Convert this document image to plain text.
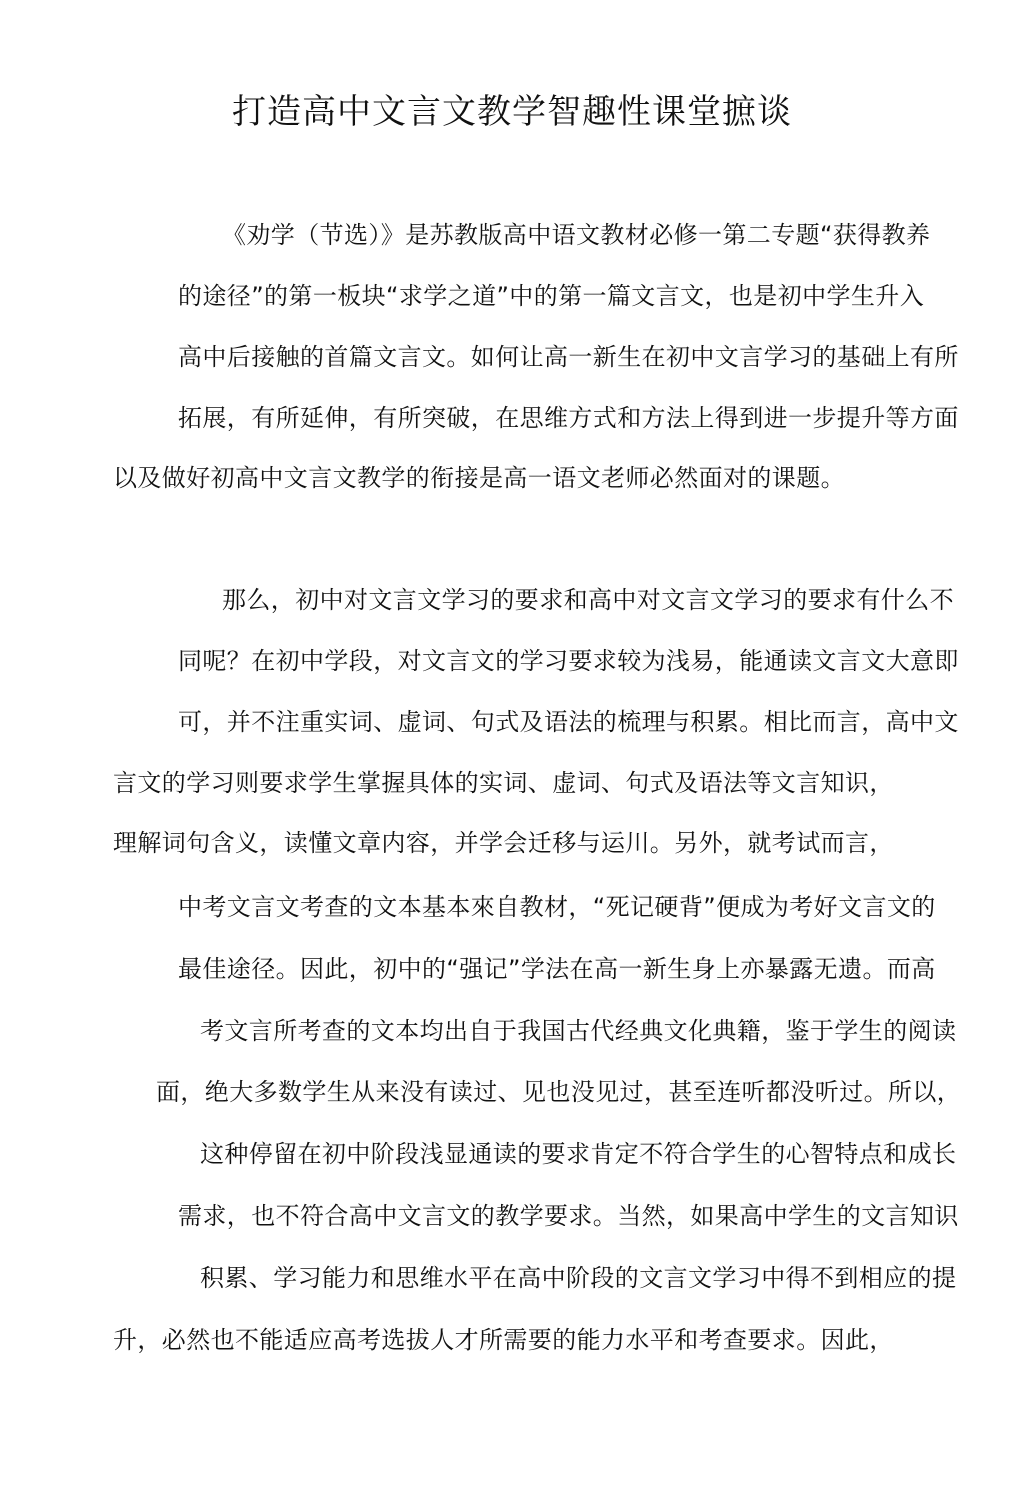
打造高中文言文教学智趣性课堂摭谈
《劝学（节选）》是苏教版高中语文教材必修一第二专题“获得教养
的途径”的第一板块“求学之道”中的第一篇文言文，也是初中学生升入
高中后接触的首篇文言文。如何让高一新生在初中文言学习的基础上有所
拓展，有所延伸，有所突破，在思维方式和方法上得到进一步提升等方面
以及做好初高中文言文教学的衔接是高一语文老师必然面对的课题。
那么，初中对文言文学习的要求和高中对文言文学习的要求有什么不
同呢？在初中学段，对文言文的学习要求较为浅易，能通读文言文大意即
可，并不注重实词、虚词、句式及语法的梳理与积累。相比而言，高中文
言文的学习则要求学生掌握具体的实词、虚词、句式及语法等文言知识，
理解词句含义，读懂文章内容，并学会迁移与运川。另外，就考试而言，
中考文言文考查的文本基本來自教材，“死记硬背”便成为考好文言文的
最佳途径。因此，初中的“强记”学法在高一新生身上亦暴露无遗。而高
考文言所考查的文本均出自于我国古代经典文化典籍，鉴于学生的阅读
面，绝大多数学生从来没有读过、见也没见过，甚至连听都没听过。所以，
这种停留在初中阶段浅显通读的要求肯定不符合学生的心智特点和成长
需求，也不符合高中文言文的教学要求。当然，如果高中学生的文言知识
积累、学习能力和思维水平在高中阶段的文言文学习中得不到相应的提
升，必然也不能适应高考选拔人才所需要的能力水平和考查要求。因此，
